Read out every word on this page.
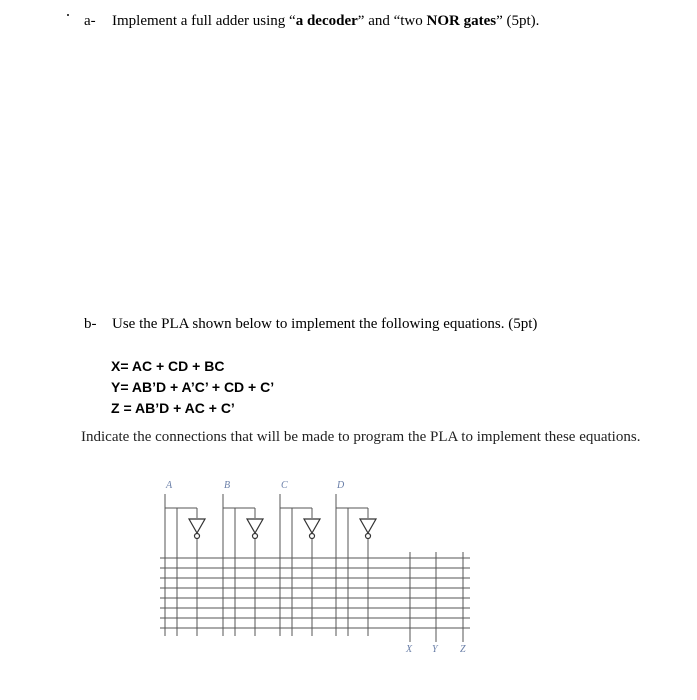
a- Implement a full adder using “a decoder” and “two NOR gates” (5pt).
b- Use the PLA shown below to implement the following equations. (5pt)
X= AC + CD + BC
Y= AB’D + A’C’ + CD + C’
Z = AB’D + AC + C’
Indicate the connections that will be made to program the PLA to implement these equations.
A	B	C	D
X Y Z
